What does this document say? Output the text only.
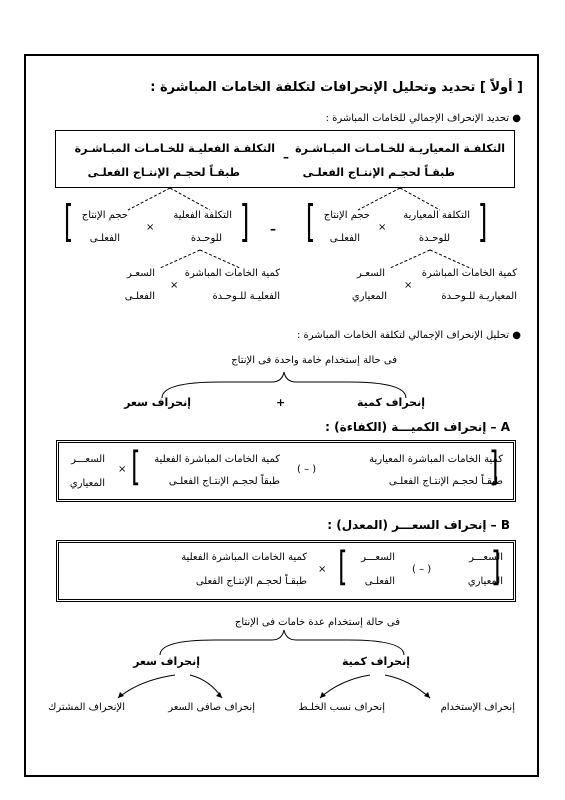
[ أولاً ] تحديد وتحليل الإنحرافات لتكلفة الخامات المباشرة :
● تحديد الإنحراف الإجمالي للخامات المباشرة :
التكلفـة المعياريـة للخـامـات المبـاشـرة
طبقـاً لحجـم الإنتـاج الفعلـى
–
التكلفـة الفعليـة للخـامـات المبـاشـرة
طبقـاً لحجـم الإنتـاج الفعلـى
[	]
التكلفة المعيارية
للوحـدة
×
حجم الإنتاج
الفعلـى
–
[	]
التكلفة الفعلية
للوحـدة
×
حجم الإنتاج
الفعلـى
كمية الخامات المباشرة
المعياريـة للـوحـدة
×
السعـر
المعياري
كمية الخامات المباشرة
الفعليـة للـوحـدة
×
السعـر
الفعلـى
● تحليل الإنحراف الإجمالي لتكلفة الخامات المباشرة :
فى حالة إستخدام خامة واحدة فى الإنتاج
إنحراف كمية
+
إنحراف سعر
A – إنحراف الكميـــة (الكفاءة) :
]
[	كمية الخامات المباشرة المعيارية
طبقـاً لحجـم الإنتـاج الفعلـى
( – )
كمية الخامات المباشرة الفعلية
طبقاً لحجـم الإنتـاج الفعلـى
×
السعـــر
المعياري
B – إنحراف السعـــر (المعدل) :
]
[	السعـــر
المعياري
( – )
السعـــر
الفعلـى
×
كمية الخامات المباشرة الفعلية
طبقـاً لحجـم الإنتـاج الفعلى
فى حالة إستخدام عدة خامات فى الإنتاج
إنحراف كمية
إنحراف سعر
إنحراف الإستخدام
إنحراف نسب الخلـط
إنحراف صافى السعر
الإنحراف المشترك
